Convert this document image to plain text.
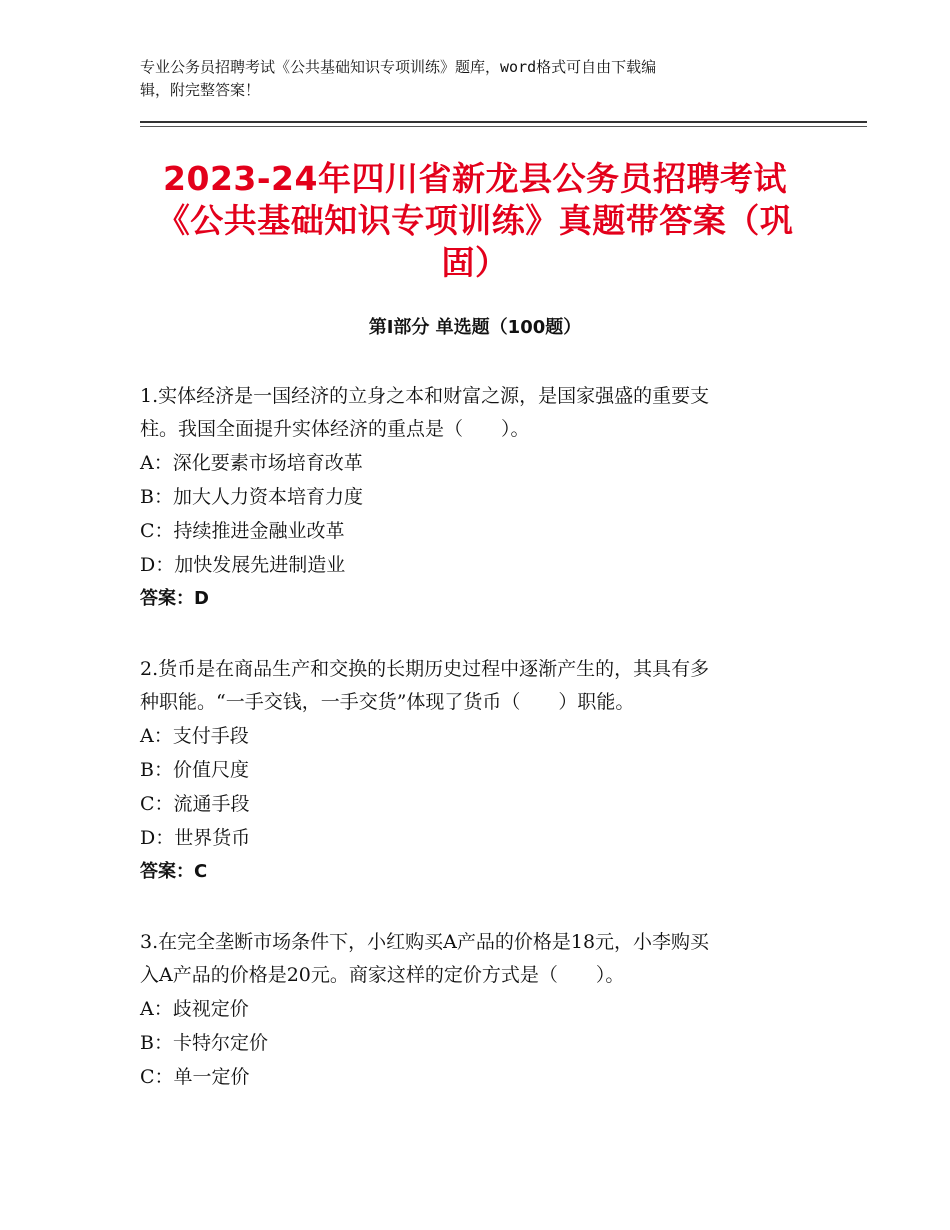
专业公务员招聘考试《公共基础知识专项训练》题库，word格式可自由下载编
辑，附完整答案！
2023-24年四川省新龙县公务员招聘考试
《公共基础知识专项训练》真题带答案（巩
固）
第Ⅰ部分 单选题（100题）

1.实体经济是一国经济的立身之本和财富之源，是国家强盛的重要支

柱。我国全面提升实体经济的重点是（　　）。

A：深化要素市场培育改革

B：加大人力资本培育力度

C：持续推进金融业改革

D：加快发展先进制造业

答案：D

2.货币是在商品生产和交换的长期历史过程中逐渐产生的，其具有多

种职能。“一手交钱，一手交货”体现了货币（　　）职能。

A：支付手段

B：价值尺度

C：流通手段

D：世界货币

答案：C

3.在完全垄断市场条件下，小红购买A产品的价格是18元，小李购买

入A产品的价格是20元。商家这样的定价方式是（　　）。

A：歧视定价

B：卡特尔定价

C：单一定价
